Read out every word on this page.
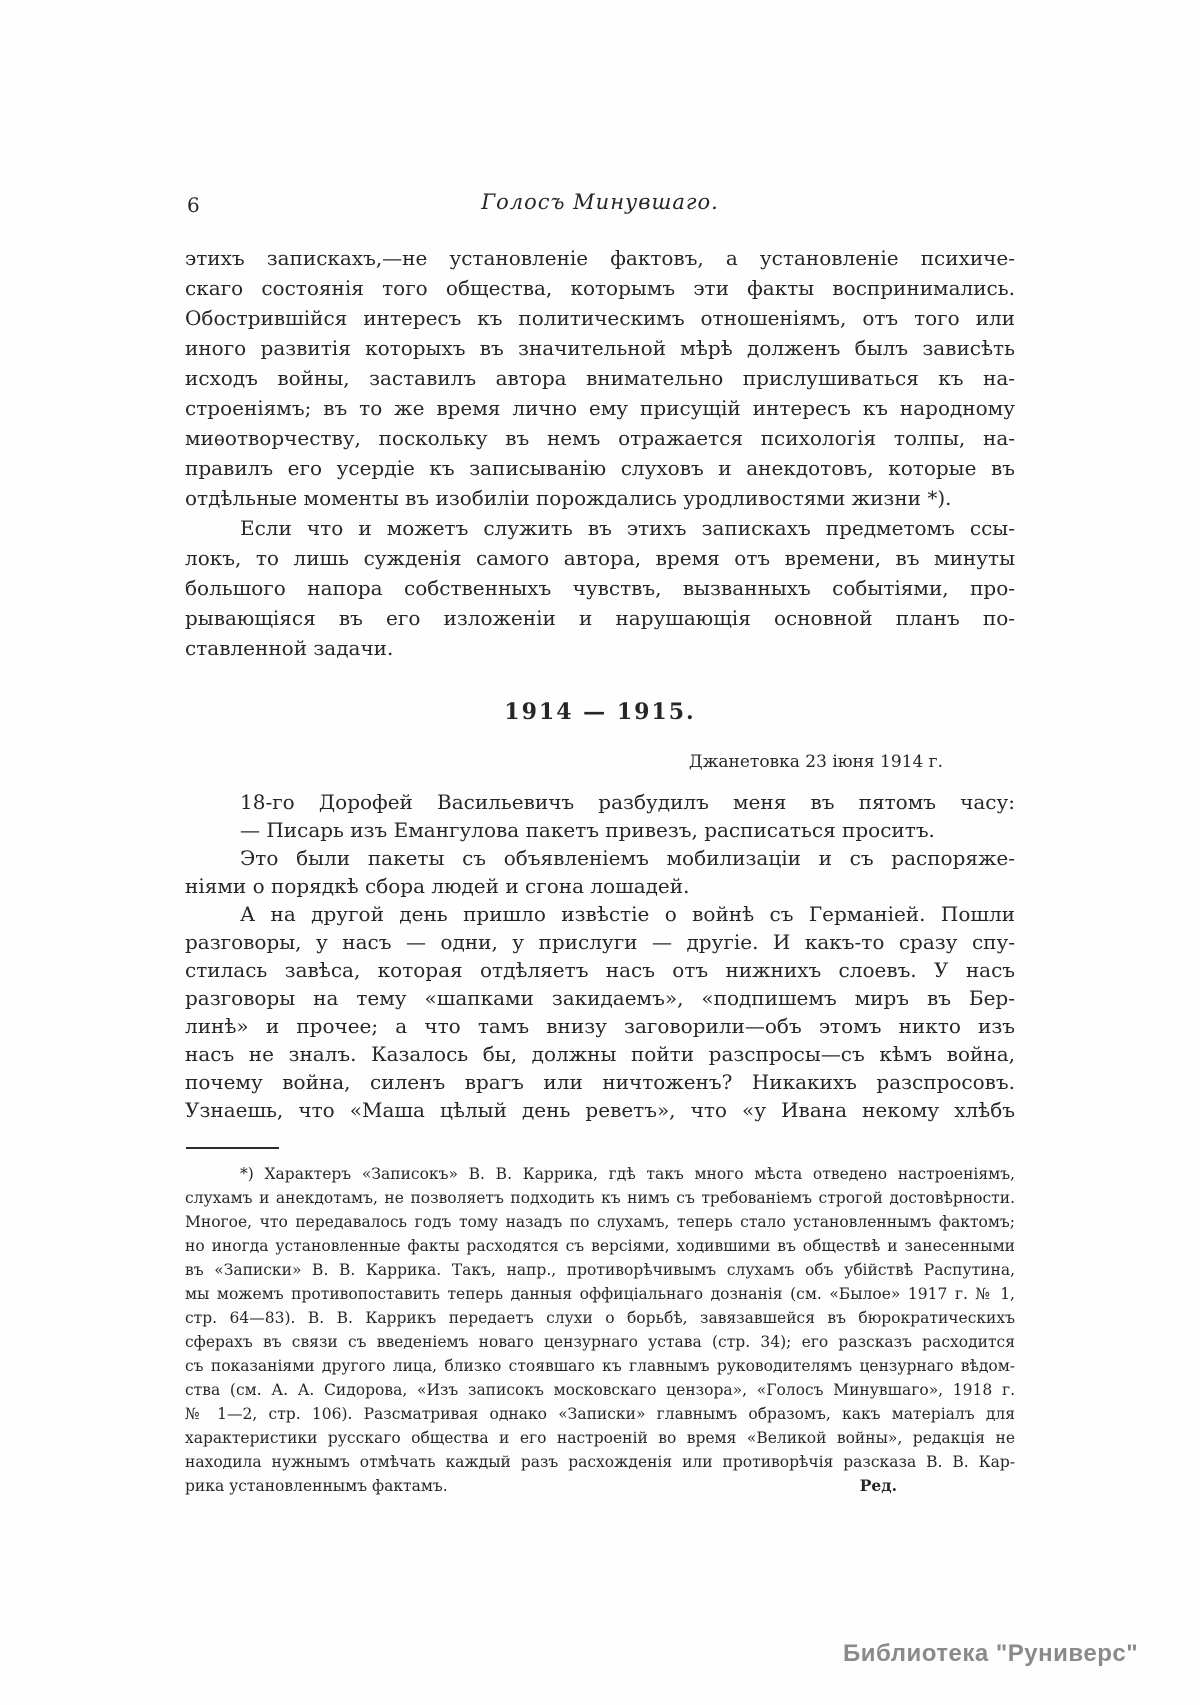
6	Голосъ Минувшаго.
этихъ запискахъ,—не установленіе фактовъ, а установленіе психиче-
скаго состоянія того общества, которымъ эти факты воспринимались.
Обострившійся интересъ къ политическимъ отношеніямъ, отъ того или
иного развитія которыхъ въ значительной мѣрѣ долженъ былъ зависѣть
исходъ войны, заставилъ автора внимательно прислушиваться къ на-
строеніямъ; въ то же время лично ему присущій интересъ къ народному
миѳотворчеству, поскольку въ немъ отражается психологія толпы, на-
правилъ его усердіе къ записыванію слуховъ и анекдотовъ, которые въ
отдѣльные моменты въ изобиліи порождались уродливостями жизни *).
Если что и можетъ служить въ этихъ запискахъ предметомъ ссы-
локъ, то лишь сужденія самого автора, время отъ времени, въ минуты
большого напора собственныхъ чувствъ, вызванныхъ событіями, про-
рывающіяся въ его изложеніи и нарушающія основной планъ по-
ставленной задачи.
1914 — 1915.
Джанетовка 23 іюня 1914 г.
18-го Дорофей Васильевичъ разбудилъ меня въ пятомъ часу:
— Писарь изъ Емангулова пакетъ привезъ, расписаться проситъ.
Это были пакеты съ объявленіемъ мобилизаціи и съ распоряже-
ніями о порядкѣ сбора людей и сгона лошадей.
А на другой день пришло извѣстіе о войнѣ съ Германіей. Пошли
разговоры, у насъ — одни, у прислуги — другіе. И какъ-то сразу спу-
стилась завѣса, которая отдѣляетъ насъ отъ нижнихъ слоевъ. У насъ
разговоры на тему «шапками закидаемъ», «подпишемъ миръ въ Бер-
линѣ» и прочее; а что тамъ внизу заговорили—объ этомъ никто изъ
насъ не зналъ. Казалось бы, должны пойти разспросы—съ кѣмъ война,
почему война, силенъ врагъ или ничтоженъ? Никакихъ разспросовъ.
Узнаешь, что «Маша цѣлый день реветъ», что «у Ивана некому хлѣбъ
*) Характеръ «Записокъ» В. В. Каррика, гдѣ такъ много мѣста отведено настроеніямъ,
слухамъ и анекдотамъ, не позволяетъ подходить къ нимъ съ требованіемъ строгой достовѣрности.
Многое, что передавалось годъ тому назадъ по слухамъ, теперь стало установленнымъ фактомъ;
но иногда установленные факты расходятся съ версіями, ходившими въ обществѣ и занесенными
въ «Записки» В. В. Каррика. Такъ, напр., противорѣчивымъ слухамъ объ убійствѣ Распутина,
мы можемъ противопоставить теперь данныя оффиціальнаго дознанія (см. «Былое» 1917 г. № 1,
стр. 64—83). В. В. Каррикъ передаетъ слухи о борьбѣ, завязавшейся въ бюрократическихъ
сферахъ въ связи съ введеніемъ новаго цензурнаго устава (стр. 34); его разсказъ расходится
съ показаніями другого лица, близко стоявшаго къ главнымъ руководителямъ цензурнаго вѣдом-
ства (см. А. А. Сидорова, «Изъ записокъ московскаго цензора», «Голосъ Минувшаго», 1918 г.
№ 1—2, стр. 106). Разсматривая однако «Записки» главнымъ образомъ, какъ матеріалъ для
характеристики русскаго общества и его настроеній во время «Великой войны», редакція не
находила нужнымъ отмѣчать каждый разъ расхожденія или противорѣчія разсказа В. В. Кар-
рика установленнымъ фактамъ.	Ред.
Библиотека "Руниверс"
